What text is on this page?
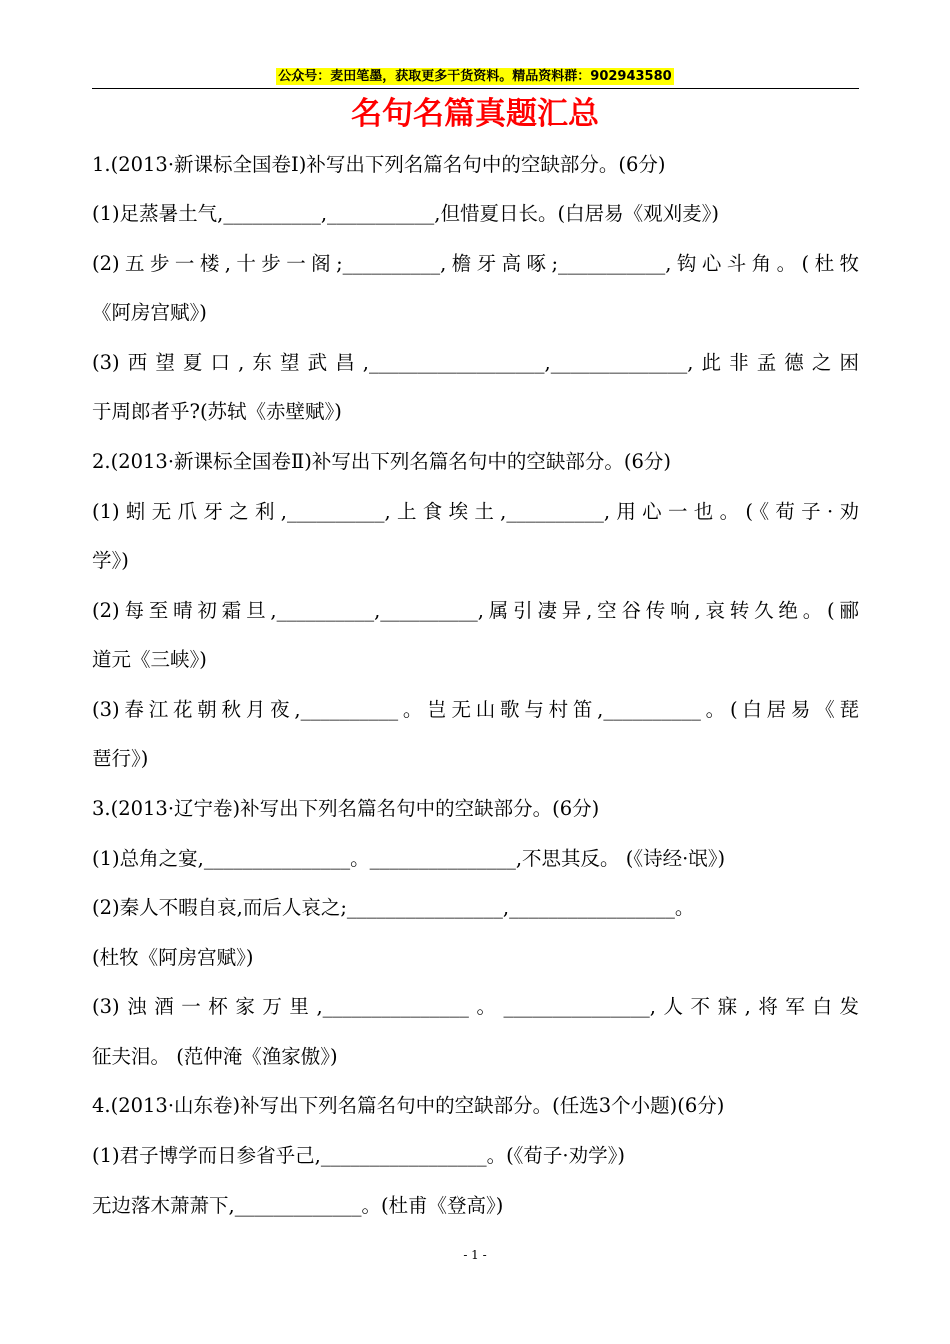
公众号：麦田笔墨，获取更多干货资料。精品资料群：902943580
名句名篇真题汇总
1.(2013·新课标全国卷Ⅰ)补写出下列名篇名句中的空缺部分。(6分)
(1)足蒸暑土气,__________,___________,但惜夏日长。(白居易《观刈麦》)
(2)五步一楼,十步一阁;__________,檐牙高啄;___________,钩心斗角。(杜牧
《阿房宫赋》)
(3)西望夏口,东望武昌,__________________,______________,此非孟德之困
于周郎者乎?(苏轼《赤壁赋》)
2.(2013·新课标全国卷Ⅱ)补写出下列名篇名句中的空缺部分。(6分)
(1)蚓无爪牙之利,__________,上食埃土,__________,用心一也。(《荀子·劝
学》)
(2)每至晴初霜旦,__________,__________,属引凄异,空谷传响,哀转久绝。(郦
道元《三峡》)
(3)春江花朝秋月夜,__________。岂无山歌与村笛,__________。(白居易《琵
琶行》)
3.(2013·辽宁卷)补写出下列名篇名句中的空缺部分。(6分)
(1)总角之宴,_______________。_______________,不思其反。 (《诗经·氓》)
(2)秦人不暇自哀,而后人哀之;________________,_________________。
(杜牧《阿房宫赋》)
(3)浊酒一杯家万里,_______________。_______________,人不寐,将军白发
征夫泪。 (范仲淹《渔家傲》)
4.(2013·山东卷)补写出下列名篇名句中的空缺部分。(任选3个小题)(6分)
(1)君子博学而日参省乎己,_________________。(《荀子·劝学》)
无边落木萧萧下,_____________。(杜甫《登高》)
- 1 -
